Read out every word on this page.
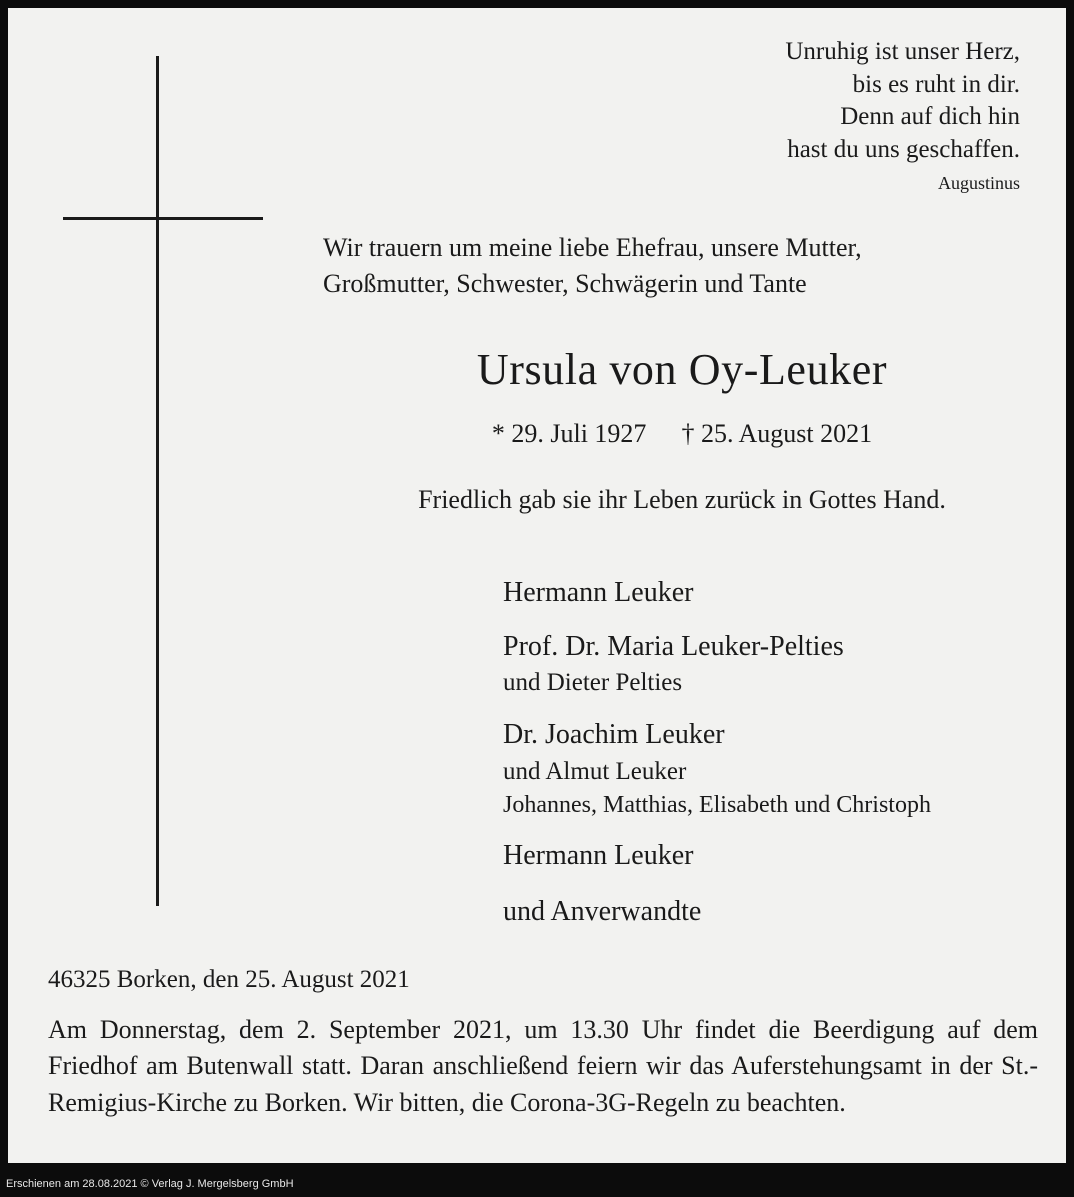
Unruhig ist unser Herz,
bis es ruht in dir.
Denn auf dich hin
hast du uns geschaffen.
Augustinus
Wir trauern um meine liebe Ehefrau, unsere Mutter,
Großmutter, Schwester, Schwägerin und Tante
Ursula von Oy-Leuker
* 29. Juli 1927 † 25. August 2021
Friedlich gab sie ihr Leben zurück in Gottes Hand.
Hermann Leuker
Prof. Dr. Maria Leuker-Pelties
und Dieter Pelties
Dr. Joachim Leuker
und Almut Leuker
Johannes, Matthias, Elisabeth und Christoph
Hermann Leuker
und Anverwandte
46325 Borken, den 25. August 2021
Am Donnerstag, dem 2. September 2021, um 13.30 Uhr findet die Beerdigung auf dem Friedhof am Butenwall statt. Daran anschließend feiern wir das Auferstehungsamt in der St.-Remigius-Kirche zu Borken. Wir bitten, die Corona-3G-Regeln zu beachten.
Erschienen am 28.08.2021 © Verlag J. Mergelsberg GmbH
